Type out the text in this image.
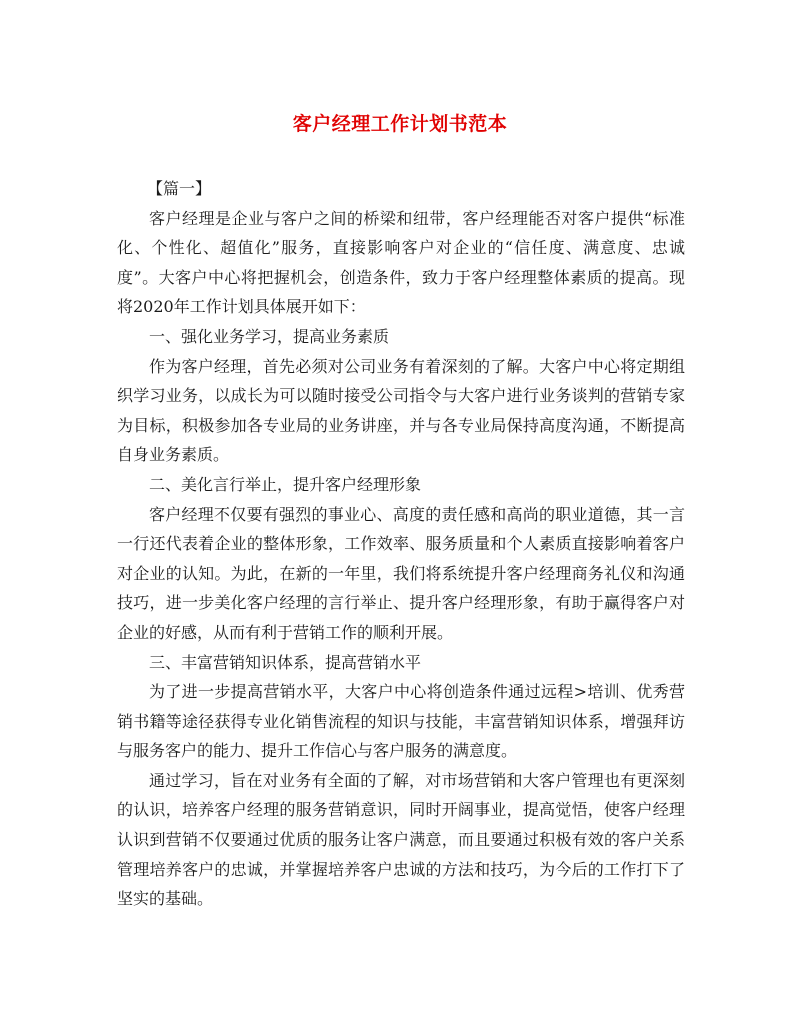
客户经理工作计划书范本

【篇一】

客户经理是企业与客户之间的桥梁和纽带，客户经理能否对客户提供“标准化、个性化、超值化”服务，直接影响客户对企业的“信任度、满意度、忠诚度”。大客户中心将把握机会，创造条件，致力于客户经理整体素质的提高。现将2020年工作计划具体展开如下：

一、强化业务学习，提高业务素质

作为客户经理，首先必须对公司业务有着深刻的了解。大客户中心将定期组织学习业务，以成长为可以随时接受公司指令与大客户进行业务谈判的营销专家为目标，积极参加各专业局的业务讲座，并与各专业局保持高度沟通，不断提高自身业务素质。

二、美化言行举止，提升客户经理形象

客户经理不仅要有强烈的事业心、高度的责任感和高尚的职业道德，其一言一行还代表着企业的整体形象，工作效率、服务质量和个人素质直接影响着客户对企业的认知。为此，在新的一年里，我们将系统提升客户经理商务礼仪和沟通技巧，进一步美化客户经理的言行举止、提升客户经理形象，有助于赢得客户对企业的好感，从而有利于营销工作的顺利开展。

三、丰富营销知识体系，提高营销水平

为了进一步提高营销水平，大客户中心将创造条件通过远程>培训、优秀营销书籍等途径获得专业化销售流程的知识与技能，丰富营销知识体系，增强拜访与服务客户的能力、提升工作信心与客户服务的满意度。

通过学习，旨在对业务有全面的了解，对市场营销和大客户管理也有更深刻的认识，培养客户经理的服务营销意识，同时开阔事业，提高觉悟，使客户经理认识到营销不仅要通过优质的服务让客户满意，而且要通过积极有效的客户关系管理培养客户的忠诚，并掌握培养客户忠诚的方法和技巧，为今后的工作打下了坚实的基础。
